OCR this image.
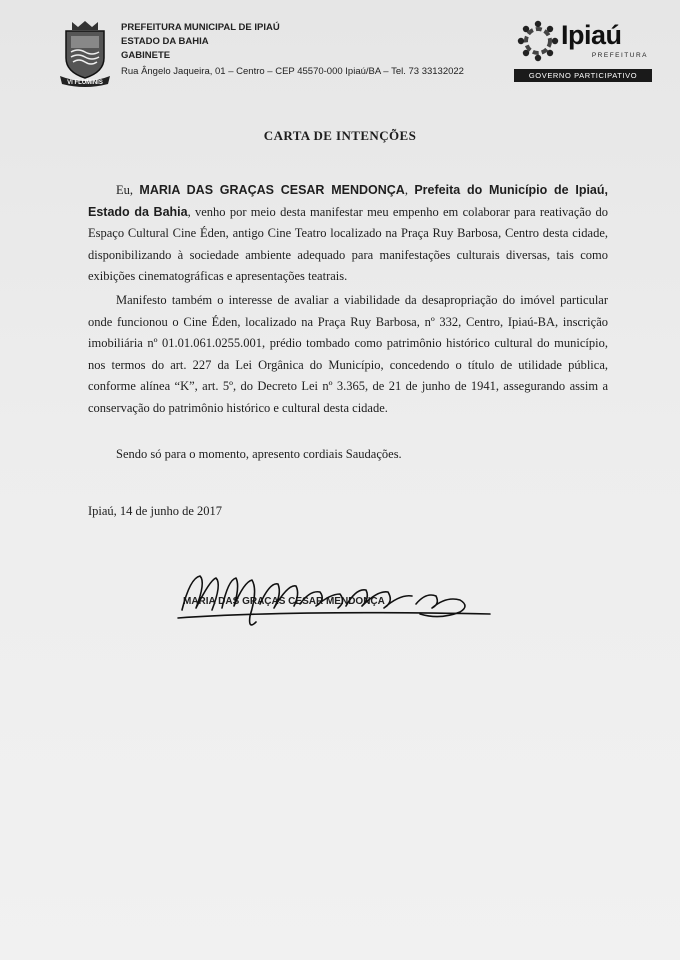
VI FLUMINIS
PREFEITURA MUNICIPAL DE IPIAÚ
ESTADO DA BAHIA
GABINETE
Rua Ângelo Jaqueira, 01 – Centro – CEP 45570-000 Ipiaú/BA – Tel. 73 33132022
Ipiaú
PREFEITURA
GOVERNO PARTICIPATIVO
CARTA DE INTENÇÕES

Eu, MARIA DAS GRAÇAS CESAR MENDONÇA, Prefeita do Município de Ipiaú, Estado da Bahia, venho por meio desta manifestar meu empenho em colaborar para reativação do Espaço Cultural Cine Éden, antigo Cine Teatro localizado na Praça Ruy Barbosa, Centro desta cidade, disponibilizando à sociedade ambiente adequado para manifestações culturais diversas, tais como exibições cinematográficas e apresentações teatrais.

Manifesto também o interesse de avaliar a viabilidade da desapropriação do imóvel particular onde funcionou o Cine Éden, localizado na Praça Ruy Barbosa, nº 332, Centro, Ipiaú-BA, inscrição imobiliária nº 01.01.061.0255.001, prédio tombado como patrimônio histórico cultural do município, nos termos do art. 227 da Lei Orgânica do Município, concedendo o título de utilidade pública, conforme alínea “K”, art. 5º, do Decreto Lei nº 3.365, de 21 de junho de 1941, assegurando assim a conservação do patrimônio histórico e cultural desta cidade.

Sendo só para o momento, apresento cordiais Saudações.
Ipiaú, 14 de junho de 2017
MARIA DAS GRAÇAS CESAR MENDONÇA
